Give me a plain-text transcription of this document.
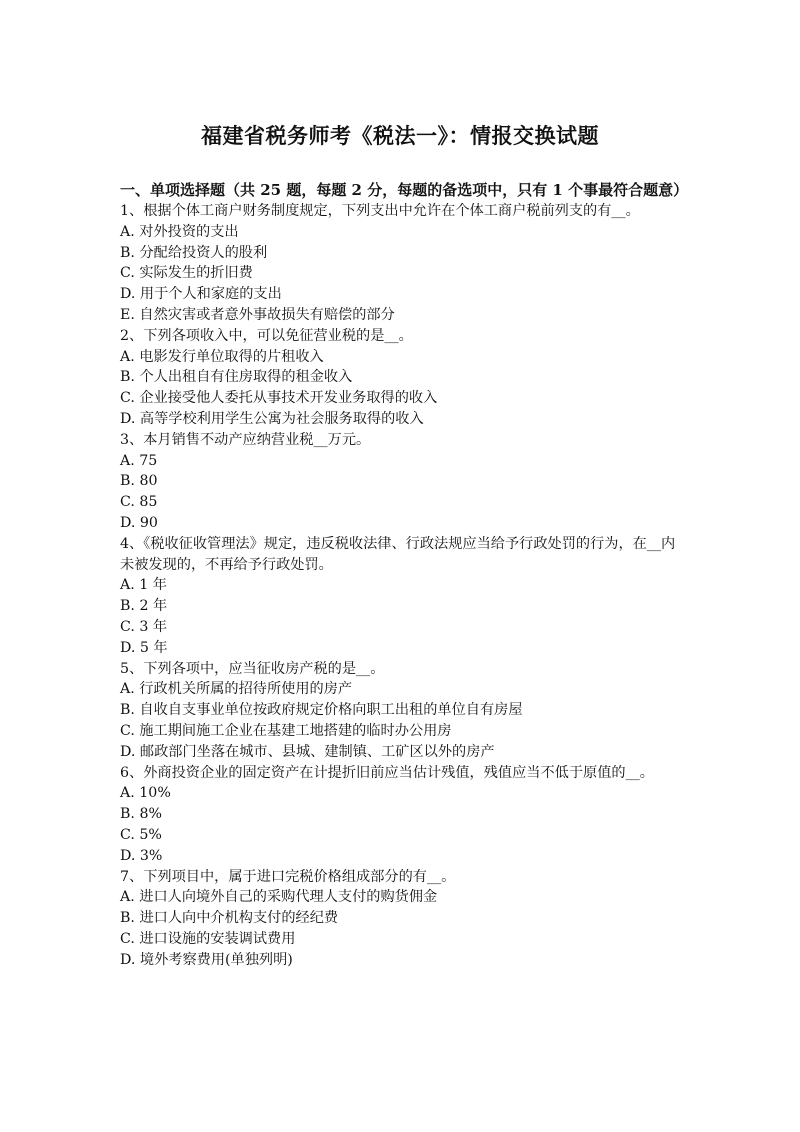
福建省税务师考《税法一》：情报交换试题

一、单项选择题（共 25 题，每题 2 分，每题的备选项中，只有 1 个事最符合题意）

1、根据个体工商户财务制度规定，下列支出中允许在个体工商户税前列支的有__。

A. 对外投资的支出

B. 分配给投资人的股利

C. 实际发生的折旧费

D. 用于个人和家庭的支出

E. 自然灾害或者意外事故损失有赔偿的部分

2、下列各项收入中，可以免征营业税的是__。

A. 电影发行单位取得的片租收入

B. 个人出租自有住房取得的租金收入

C. 企业接受他人委托从事技术开发业务取得的收入

D. 高等学校利用学生公寓为社会服务取得的收入

3、本月销售不动产应纳营业税__万元。

A. 75

B. 80

C. 85

D. 90

4、《税收征收管理法》规定，违反税收法律、行政法规应当给予行政处罚的行为，在__内未被发现的，不再给予行政处罚。

A. 1 年

B. 2 年

C. 3 年

D. 5 年

5、下列各项中，应当征收房产税的是__。

A. 行政机关所属的招待所使用的房产

B. 自收自支事业单位按政府规定价格向职工出租的单位自有房屋

C. 施工期间施工企业在基建工地搭建的临时办公用房

D. 邮政部门坐落在城市、县城、建制镇、工矿区以外的房产

6、外商投资企业的固定资产在计提折旧前应当估计残值，残值应当不低于原值的__。

A. 10%

B. 8%

C. 5%

D. 3%

7、下列项目中，属于进口完税价格组成部分的有__。

A. 进口人向境外自己的采购代理人支付的购货佣金

B. 进口人向中介机构支付的经纪费

C. 进口设施的安装调试费用

D. 境外考察费用(单独列明)
